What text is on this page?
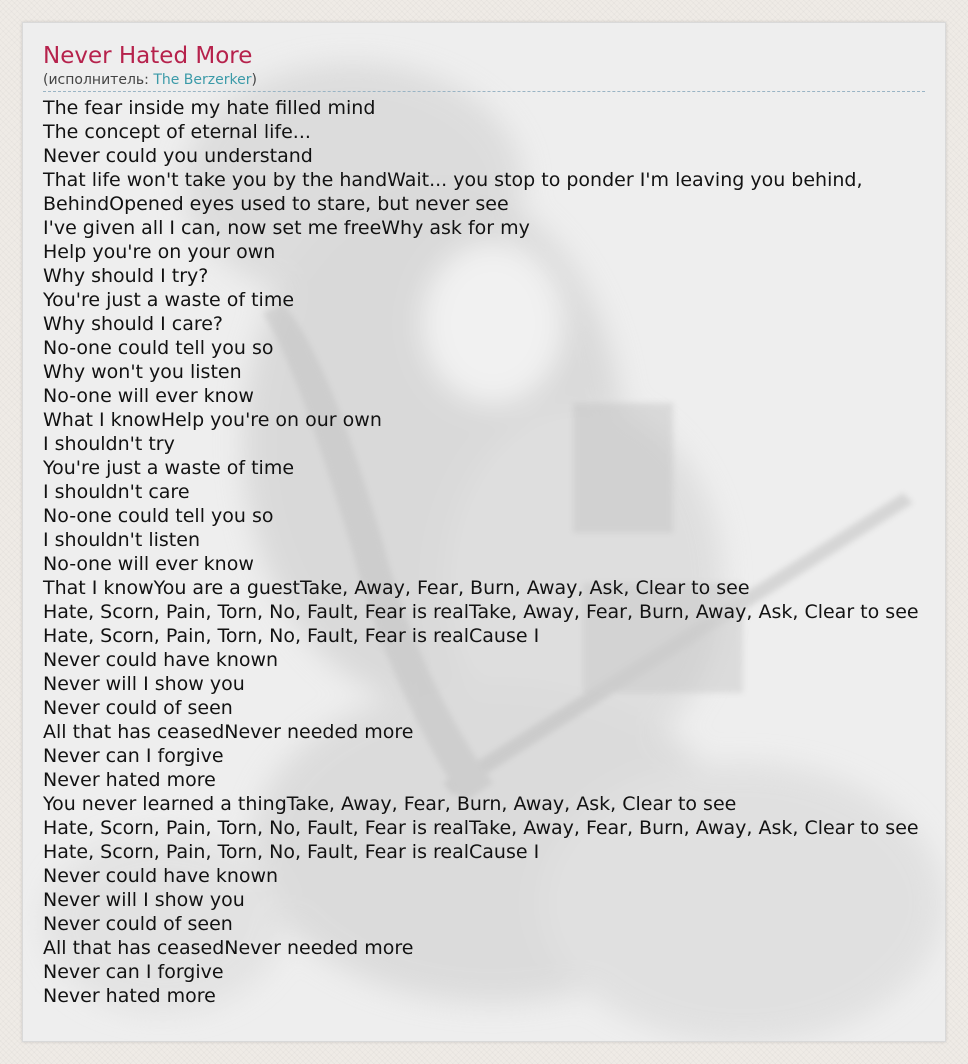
Never Hated More

(исполнитель: The Berzerker)

The fear inside my hate filled mind
The concept of eternal life...
Never could you understand
That life won't take you by the handWait... you stop to ponder I'm leaving you behind,
BehindOpened eyes used to stare, but never see
I've given all I can, now set me freeWhy ask for my
Help you're on your own
Why should I try?
You're just a waste of time
Why should I care?
No-one could tell you so
Why won't you listen
No-one will ever know
What I knowHelp you're on our own
I shouldn't try
You're just a waste of time
I shouldn't care
No-one could tell you so
I shouldn't listen
No-one will ever know
That I knowYou are a guestTake, Away, Fear, Burn, Away, Ask, Clear to see
Hate, Scorn, Pain, Torn, No, Fault, Fear is realTake, Away, Fear, Burn, Away, Ask, Clear to see
Hate, Scorn, Pain, Torn, No, Fault, Fear is realCause I
Never could have known
Never will I show you
Never could of seen
All that has ceasedNever needed more
Never can I forgive
Never hated more
You never learned a thingTake, Away, Fear, Burn, Away, Ask, Clear to see
Hate, Scorn, Pain, Torn, No, Fault, Fear is realTake, Away, Fear, Burn, Away, Ask, Clear to see
Hate, Scorn, Pain, Torn, No, Fault, Fear is realCause I
Never could have known
Never will I show you
Never could of seen
All that has ceasedNever needed more
Never can I forgive
Never hated more
